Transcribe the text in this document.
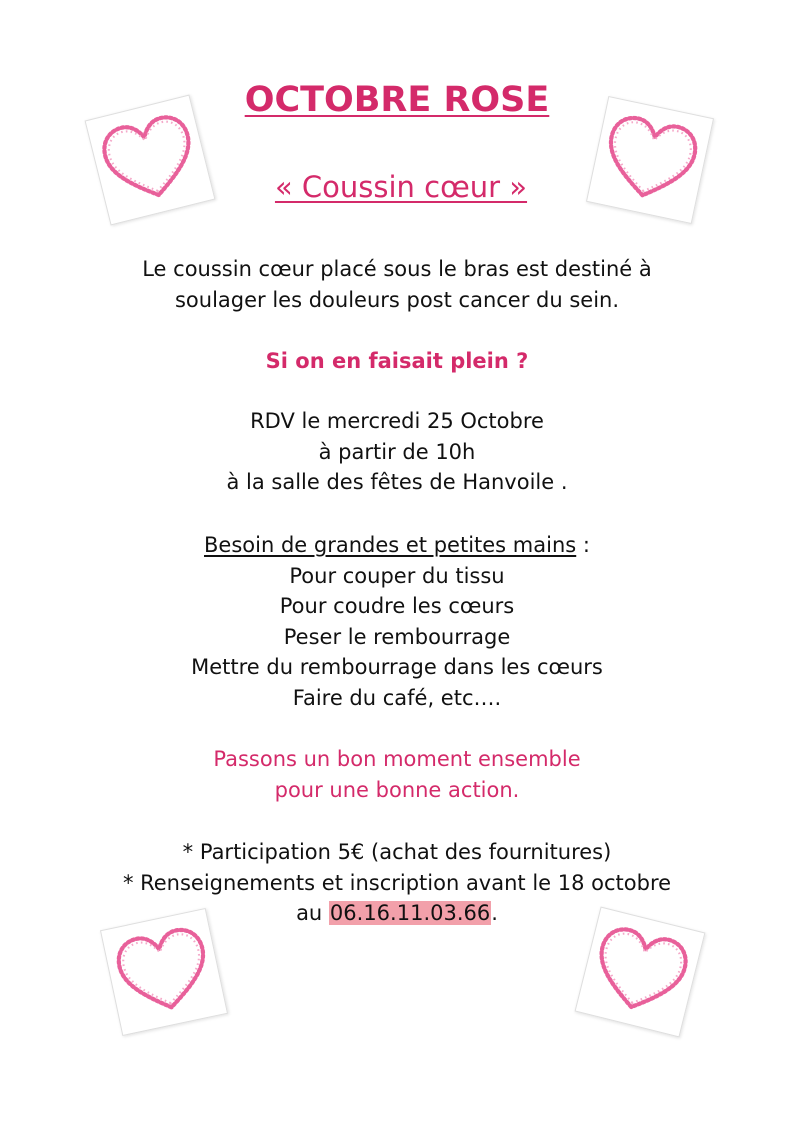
OCTOBRE ROSE
« Coussin cœur »
Le coussin cœur placé sous le bras est destiné à
soulager les douleurs post cancer du sein.
Si on en faisait plein ?
RDV le mercredi 25 Octobre
à partir de 10h
à la salle des fêtes de Hanvoile .
Besoin de grandes et petites mains :
Pour couper du tissu
Pour coudre les cœurs
Peser le rembourrage
Mettre du rembourrage dans les cœurs
Faire du café, etc….
Passons un bon moment ensemble
pour une bonne action.
* Participation 5€ (achat des fournitures)
* Renseignements et inscription avant le 18 octobre
au 06.16.11.03.66.
